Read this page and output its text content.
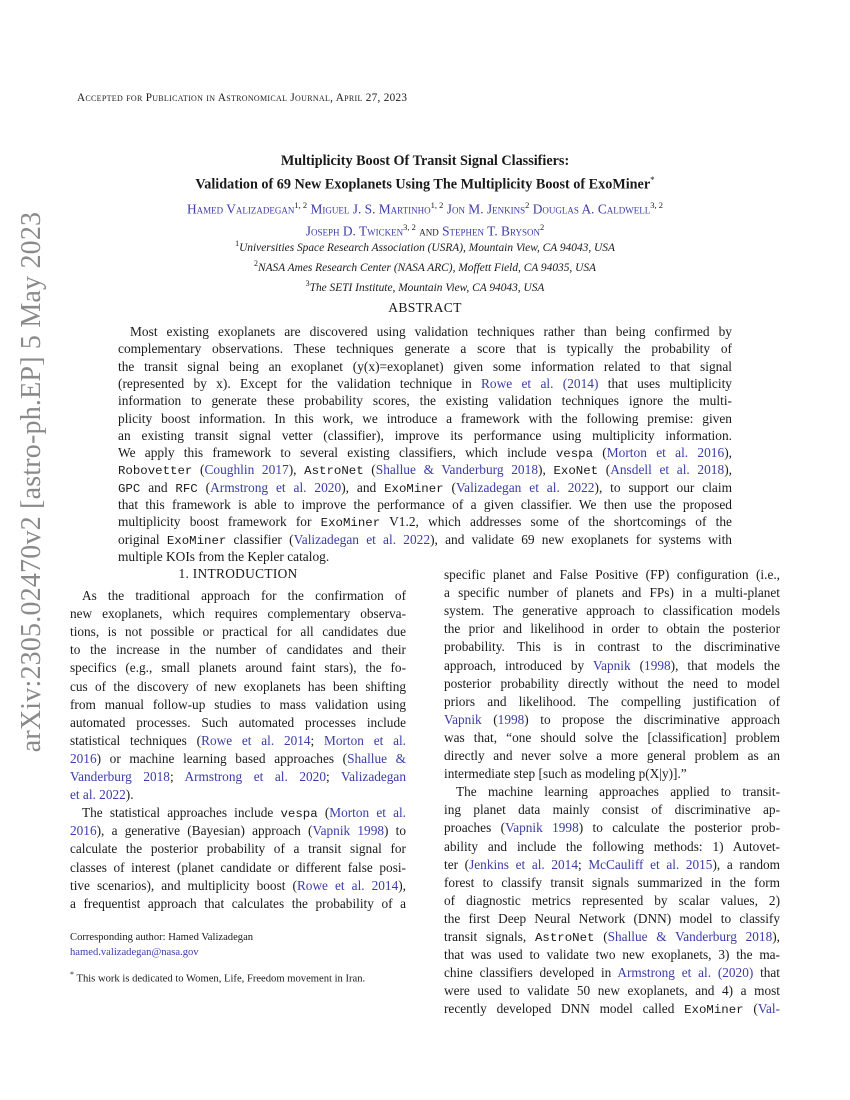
arXiv:2305.02470v2 [astro-ph.EP] 5 May 2023
Accepted for Publication in Astronomical Journal, April 27, 2023
Multiplicity Boost Of Transit Signal Classifiers:
Validation of 69 New Exoplanets Using The Multiplicity Boost of ExoMiner*
Hamed Valizadegan$^{1, 2}$ Miguel J. S. Martinho$^{1, 2}$ Jon M. Jenkins$^2$ Douglas A. Caldwell$^{3, 2}$
Joseph D. Twicken$^{3, 2}$ and Stephen T. Bryson$^2$
$^1$Universities Space Research Association (USRA), Mountain View, CA 94043, USA
$^2$NASA Ames Research Center (NASA ARC), Moffett Field, CA 94035, USA
$^3$The SETI Institute, Mountain View, CA 94043, USA
ABSTRACT
Most existing exoplanets are discovered using validation techniques rather than being confirmed by
complementary observations. These techniques generate a score that is typically the probability of
the transit signal being an exoplanet (y(x)=exoplanet) given some information related to that signal
(represented by x). Except for the validation technique in Rowe et al. (2014) that uses multiplicity
information to generate these probability scores, the existing validation techniques ignore the multi-
plicity boost information. In this work, we introduce a framework with the following premise: given
an existing transit signal vetter (classifier), improve its performance using multiplicity information.
We apply this framework to several existing classifiers, which include vespa (Morton et al. 2016),
Robovetter (Coughlin 2017), AstroNet (Shallue & Vanderburg 2018), ExoNet (Ansdell et al. 2018),
GPC and RFC (Armstrong et al. 2020), and ExoMiner (Valizadegan et al. 2022), to support our claim
that this framework is able to improve the performance of a given classifier. We then use the proposed
multiplicity boost framework for ExoMiner V1.2, which addresses some of the shortcomings of the
original ExoMiner classifier (Valizadegan et al. 2022), and validate 69 new exoplanets for systems with
multiple KOIs from the Kepler catalog.
1. INTRODUCTION
As the traditional approach for the confirmation of
new exoplanets, which requires complementary observa-
tions, is not possible or practical for all candidates due
to the increase in the number of candidates and their
specifics (e.g., small planets around faint stars), the fo-
cus of the discovery of new exoplanets has been shifting
from manual follow-up studies to mass validation using
automated processes. Such automated processes include
statistical techniques (Rowe et al. 2014; Morton et al.
2016) or machine learning based approaches (Shallue &
Vanderburg 2018; Armstrong et al. 2020; Valizadegan
et al. 2022).
The statistical approaches include vespa (Morton et al.
2016), a generative (Bayesian) approach (Vapnik 1998) to
calculate the posterior probability of a transit signal for
classes of interest (planet candidate or different false posi-
tive scenarios), and multiplicity boost (Rowe et al. 2014),
a frequentist approach that calculates the probability of a
specific planet and False Positive (FP) configuration (i.e.,
a specific number of planets and FPs) in a multi-planet
system. The generative approach to classification models
the prior and likelihood in order to obtain the posterior
probability. This is in contrast to the discriminative
approach, introduced by Vapnik (1998), that models the
posterior probability directly without the need to model
priors and likelihood. The compelling justification of
Vapnik (1998) to propose the discriminative approach
was that, “one should solve the [classification] problem
directly and never solve a more general problem as an
intermediate step [such as modeling p(X|y)].”
The machine learning approaches applied to transit-
ing planet data mainly consist of discriminative ap-
proaches (Vapnik 1998) to calculate the posterior prob-
ability and include the following methods: 1) Autovet-
ter (Jenkins et al. 2014; McCauliff et al. 2015), a random
forest to classify transit signals summarized in the form
of diagnostic metrics represented by scalar values, 2)
the first Deep Neural Network (DNN) model to classify
transit signals, AstroNet (Shallue & Vanderburg 2018),
that was used to validate two new exoplanets, 3) the ma-
chine classifiers developed in Armstrong et al. (2020) that
were used to validate 50 new exoplanets, and 4) a most
recently developed DNN model called ExoMiner (Val-
Corresponding author: Hamed Valizadegan
hamed.valizadegan@nasa.gov
* This work is dedicated to Women, Life, Freedom movement in Iran.
